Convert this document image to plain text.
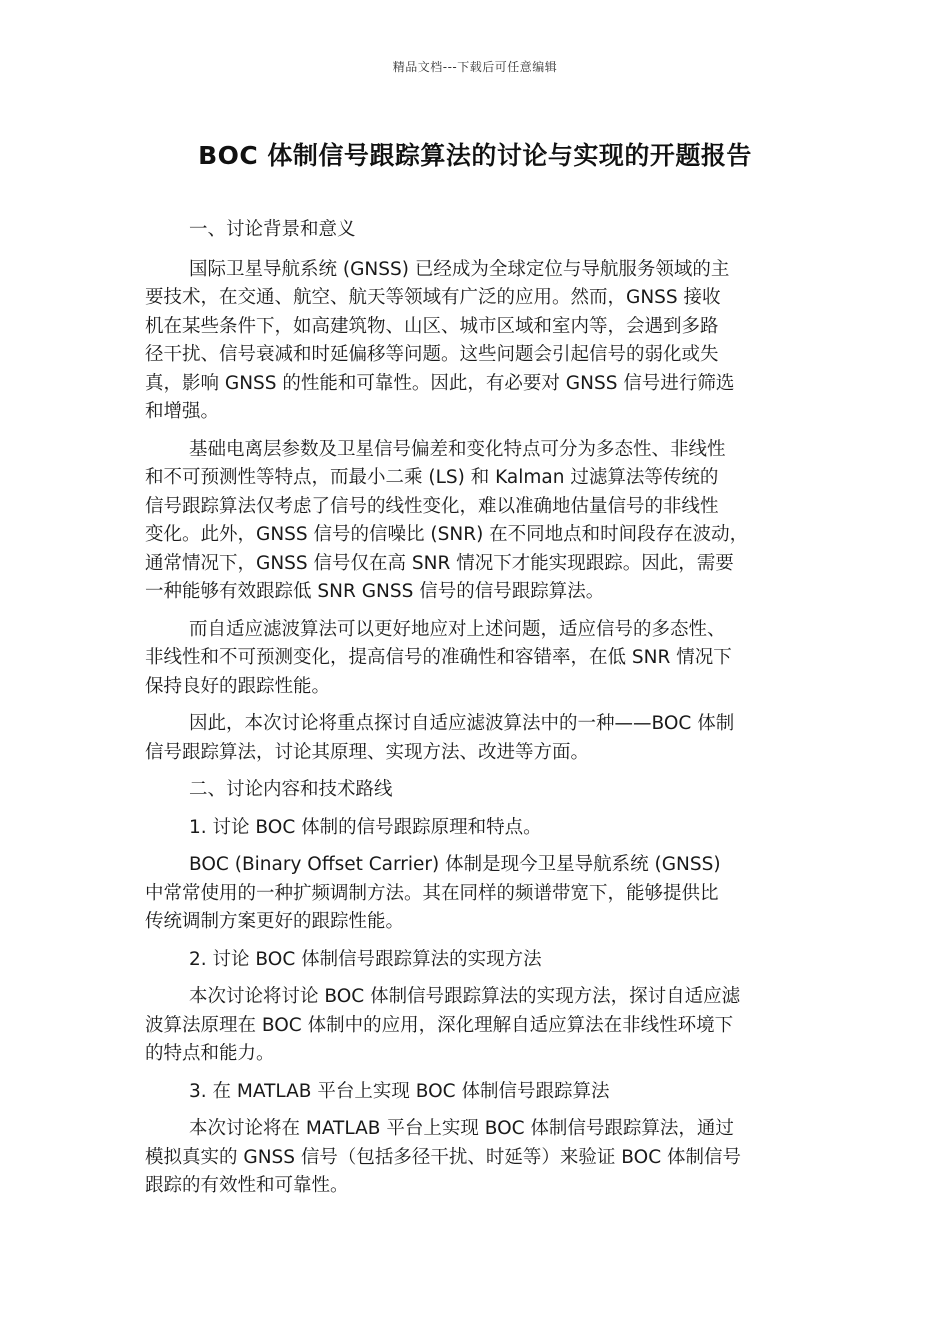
精品文档---下载后可任意编辑
BOC 体制信号跟踪算法的讨论与实现的开题报告
一、讨论背景和意义
国际卫星导航系统 (GNSS) 已经成为全球定位与导航服务领域的主
要技术，在交通、航空、航天等领域有广泛的应用。然而，GNSS 接收
机在某些条件下，如高建筑物、山区、城市区域和室内等，会遇到多路
径干扰、信号衰减和时延偏移等问题。这些问题会引起信号的弱化或失
真，影响 GNSS 的性能和可靠性。因此，有必要对 GNSS 信号进行筛选
和增强。
基础电离层参数及卫星信号偏差和变化特点可分为多态性、非线性
和不可预测性等特点，而最小二乘 (LS) 和 Kalman 过滤算法等传统的
信号跟踪算法仅考虑了信号的线性变化，难以准确地估量信号的非线性
变化。此外，GNSS 信号的信噪比 (SNR) 在不同地点和时间段存在波动，
通常情况下，GNSS 信号仅在高 SNR 情况下才能实现跟踪。因此，需要
一种能够有效跟踪低 SNR GNSS 信号的信号跟踪算法。
而自适应滤波算法可以更好地应对上述问题，适应信号的多态性、
非线性和不可预测变化，提高信号的准确性和容错率，在低 SNR 情况下
保持良好的跟踪性能。
因此，本次讨论将重点探讨自适应滤波算法中的一种——BOC 体制
信号跟踪算法，讨论其原理、实现方法、改进等方面。
二、讨论内容和技术路线
1. 讨论 BOC 体制的信号跟踪原理和特点。
BOC (Binary Offset Carrier) 体制是现今卫星导航系统 (GNSS)
中常常使用的一种扩频调制方法。其在同样的频谱带宽下，能够提供比
传统调制方案更好的跟踪性能。
2. 讨论 BOC 体制信号跟踪算法的实现方法
本次讨论将讨论 BOC 体制信号跟踪算法的实现方法，探讨自适应滤
波算法原理在 BOC 体制中的应用，深化理解自适应算法在非线性环境下
的特点和能力。
3. 在 MATLAB 平台上实现 BOC 体制信号跟踪算法
本次讨论将在 MATLAB 平台上实现 BOC 体制信号跟踪算法，通过
模拟真实的 GNSS 信号（包括多径干扰、时延等）来验证 BOC 体制信号
跟踪的有效性和可靠性。
